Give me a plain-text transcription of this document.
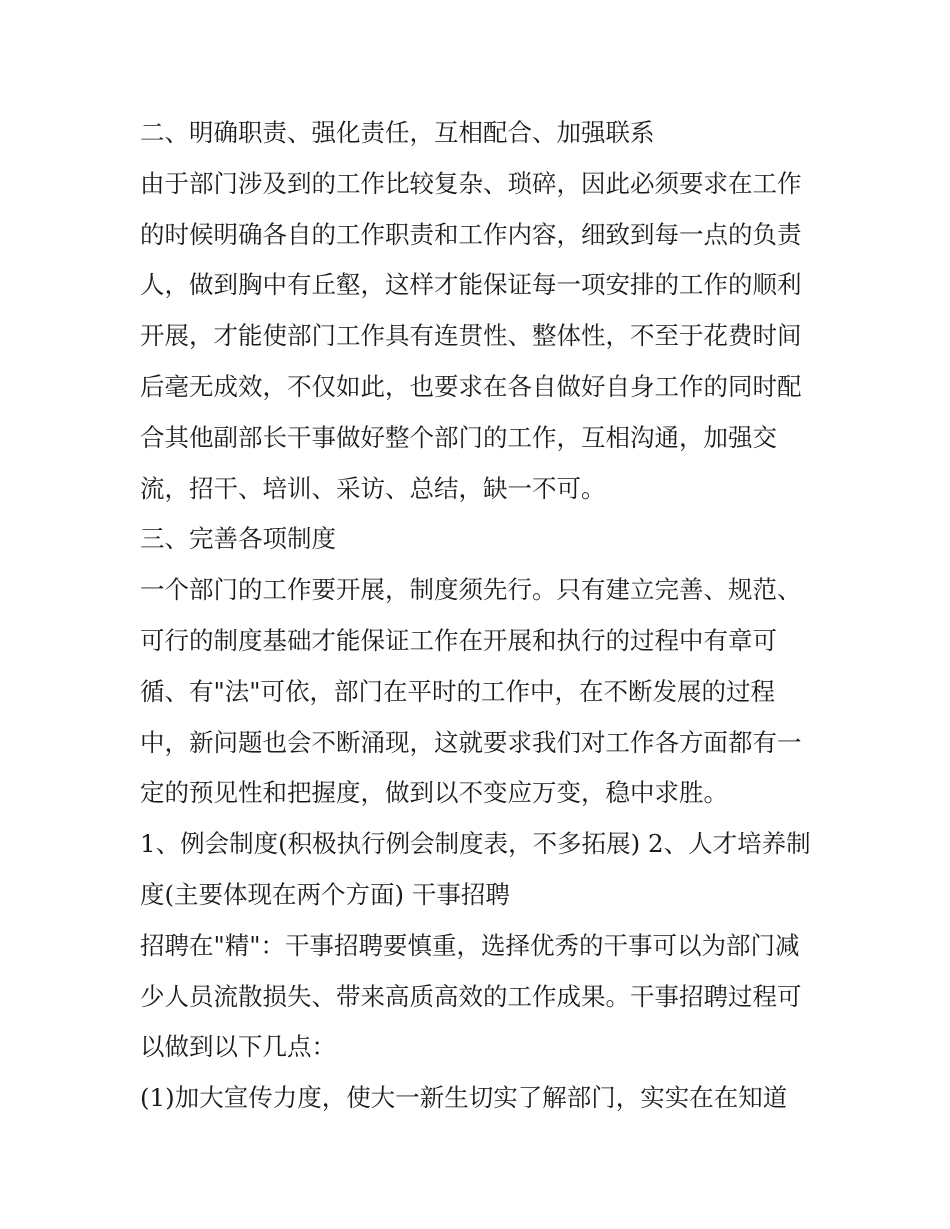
二、明确职责、强化责任，互相配合、加强联系
由于部门涉及到的工作比较复杂、琐碎，因此必须要求在工作
的时候明确各自的工作职责和工作内容，细致到每一点的负责
人，做到胸中有丘壑，这样才能保证每一项安排的工作的顺利
开展，才能使部门工作具有连贯性、整体性，不至于花费时间
后毫无成效，不仅如此，也要求在各自做好自身工作的同时配
合其他副部长干事做好整个部门的工作，互相沟通，加强交
流，招干、培训、采访、总结，缺一不可。
三、完善各项制度
一个部门的工作要开展，制度须先行。只有建立完善、规范、
可行的制度基础才能保证工作在开展和执行的过程中有章可
循、有"法"可依，部门在平时的工作中，在不断发展的过程
中，新问题也会不断涌现，这就要求我们对工作各方面都有一
定的预见性和把握度，做到以不变应万变，稳中求胜。
1、例会制度(积极执行例会制度表，不多拓展) 2、人才培养制
度(主要体现在两个方面) 干事招聘
招聘在"精"：干事招聘要慎重，选择优秀的干事可以为部门减
少人员流散损失、带来高质高效的工作成果。干事招聘过程可
以做到以下几点：
(1)加大宣传力度，使大一新生切实了解部门，实实在在知道
